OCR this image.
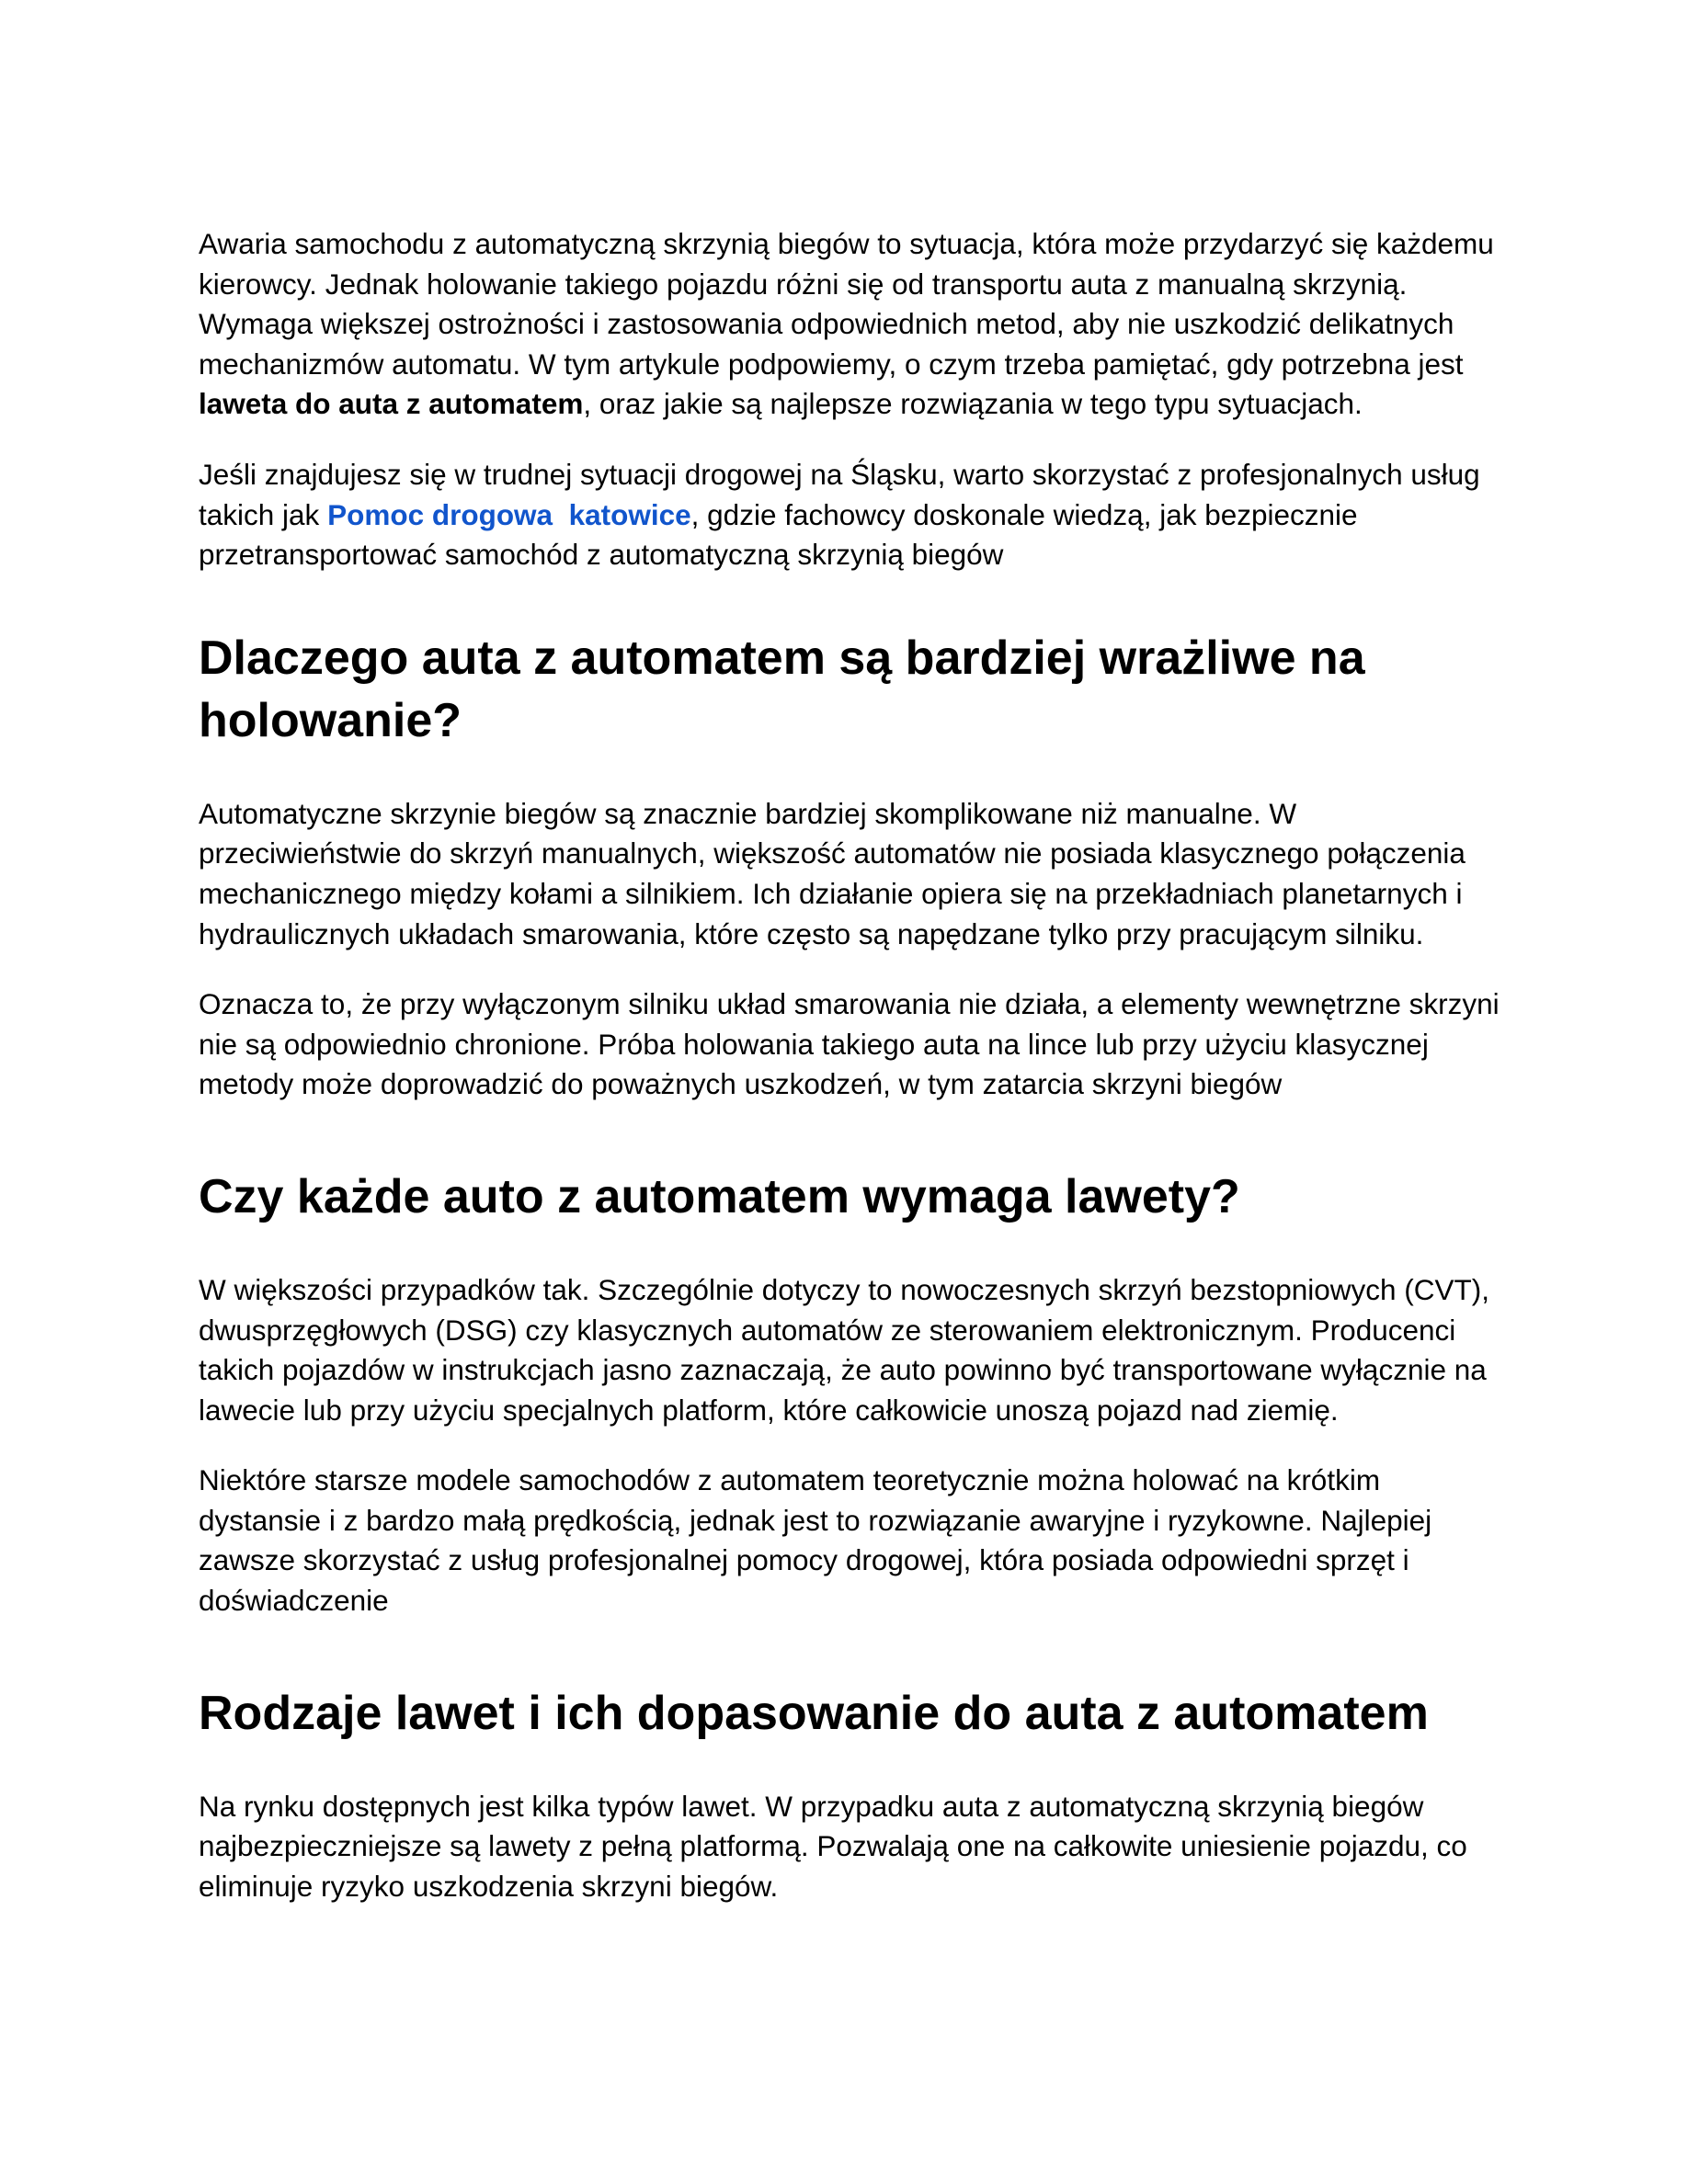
Awaria samochodu z automatyczną skrzynią biegów to sytuacja, która może przydarzyć się każdemu kierowcy. Jednak holowanie takiego pojazdu różni się od transportu auta z manualną skrzynią. Wymaga większej ostrożności i zastosowania odpowiednich metod, aby nie uszkodzić delikatnych mechanizmów automatu. W tym artykule podpowiemy, o czym trzeba pamiętać, gdy potrzebna jest laweta do auta z automatem, oraz jakie są najlepsze rozwiązania w tego typu sytuacjach.

Jeśli znajdujesz się w trudnej sytuacji drogowej na Śląsku, warto skorzystać z profesjonalnych usług takich jak Pomoc drogowa  katowice, gdzie fachowcy doskonale wiedzą, jak bezpiecznie przetransportować samochód z automatyczną skrzynią biegów

Dlaczego auta z automatem są bardziej wrażliwe na holowanie?

Automatyczne skrzynie biegów są znacznie bardziej skomplikowane niż manualne. W przeciwieństwie do skrzyń manualnych, większość automatów nie posiada klasycznego połączenia mechanicznego między kołami a silnikiem. Ich działanie opiera się na przekładniach planetarnych i hydraulicznych układach smarowania, które często są napędzane tylko przy pracującym silniku.

Oznacza to, że przy wyłączonym silniku układ smarowania nie działa, a elementy wewnętrzne skrzyni nie są odpowiednio chronione. Próba holowania takiego auta na lince lub przy użyciu klasycznej metody może doprowadzić do poważnych uszkodzeń, w tym zatarcia skrzyni biegów

Czy każde auto z automatem wymaga lawety?

W większości przypadków tak. Szczególnie dotyczy to nowoczesnych skrzyń bezstopniowych (CVT), dwusprzęgłowych (DSG) czy klasycznych automatów ze sterowaniem elektronicznym. Producenci takich pojazdów w instrukcjach jasno zaznaczają, że auto powinno być transportowane wyłącznie na lawecie lub przy użyciu specjalnych platform, które całkowicie unoszą pojazd nad ziemię.

Niektóre starsze modele samochodów z automatem teoretycznie można holować na krótkim dystansie i z bardzo małą prędkością, jednak jest to rozwiązanie awaryjne i ryzykowne. Najlepiej zawsze skorzystać z usług profesjonalnej pomocy drogowej, która posiada odpowiedni sprzęt i doświadczenie

Rodzaje lawet i ich dopasowanie do auta z automatem

Na rynku dostępnych jest kilka typów lawet. W przypadku auta z automatyczną skrzynią biegów najbezpieczniejsze są lawety z pełną platformą. Pozwalają one na całkowite uniesienie pojazdu, co eliminuje ryzyko uszkodzenia skrzyni biegów.
